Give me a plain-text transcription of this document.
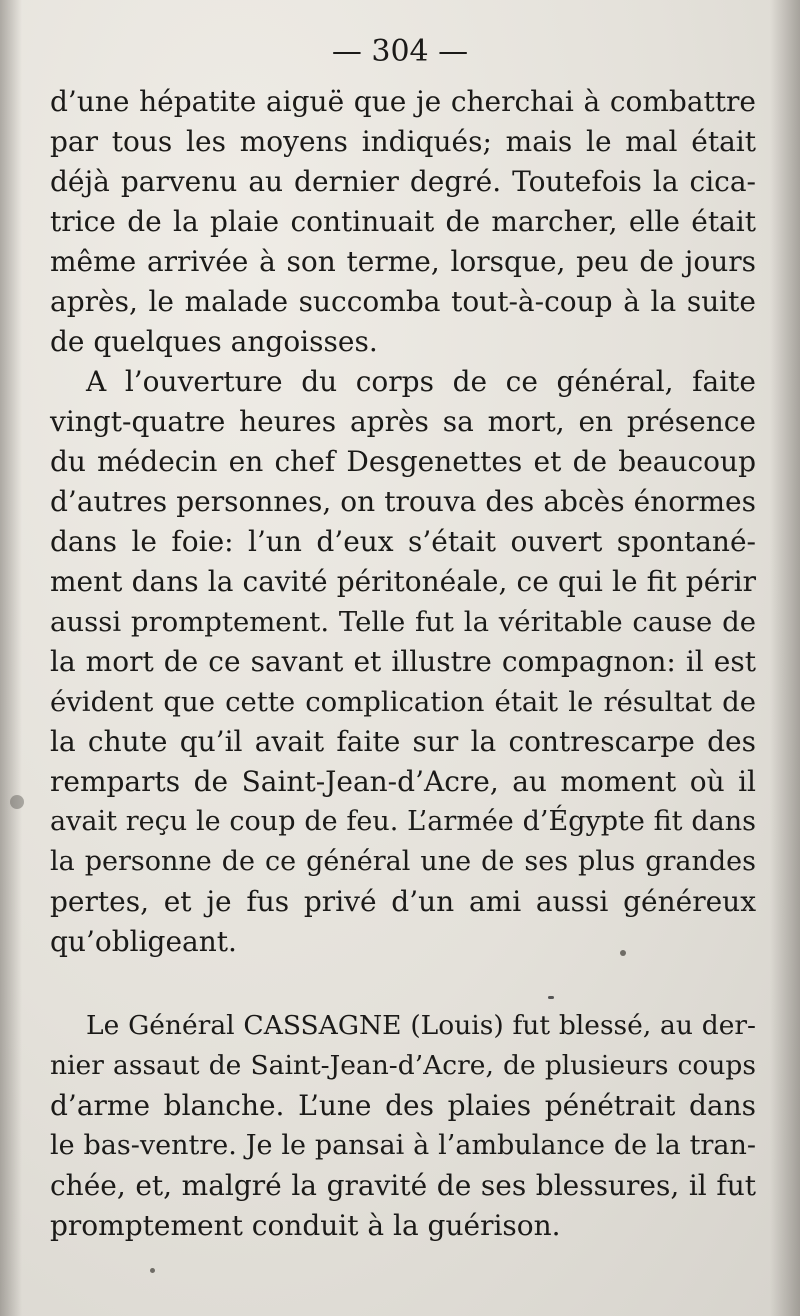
— 304 —
d’une hépatite aiguë que je cherchai à combattre
par tous les moyens indiqués; mais le mal était
déjà parvenu au dernier degré. Toutefois la cica-
trice de la plaie continuait de marcher, elle était
même arrivée à son terme, lorsque, peu de jours
après, le malade succomba tout-à-coup à la suite
de quelques angoisses.
A l’ouverture du corps de ce général, faite
vingt-quatre heures après sa mort, en présence
du médecin en chef Desgenettes et de beaucoup
d’autres personnes, on trouva des abcès énormes
dans le foie: l’un d’eux s’était ouvert spontané-
ment dans la cavité péritonéale, ce qui le fit périr
aussi promptement. Telle fut la véritable cause de
la mort de ce savant et illustre compagnon: il est
évident que cette complication était le résultat de
la chute qu’il avait faite sur la contrescarpe des
remparts de Saint-Jean-d’Acre, au moment où il
avait reçu le coup de feu. L’armée d’Égypte fit dans
la personne de ce général une de ses plus grandes
pertes, et je fus privé d’un ami aussi généreux
qu’obligeant.
Le Général CASSAGNE (Louis) fut blessé, au der-
nier assaut de Saint-Jean-d’Acre, de plusieurs coups
d’arme blanche. L’une des plaies pénétrait dans
le bas-ventre. Je le pansai à l’ambulance de la tran-
chée, et, malgré la gravité de ses blessures, il fut
promptement conduit à la guérison.
